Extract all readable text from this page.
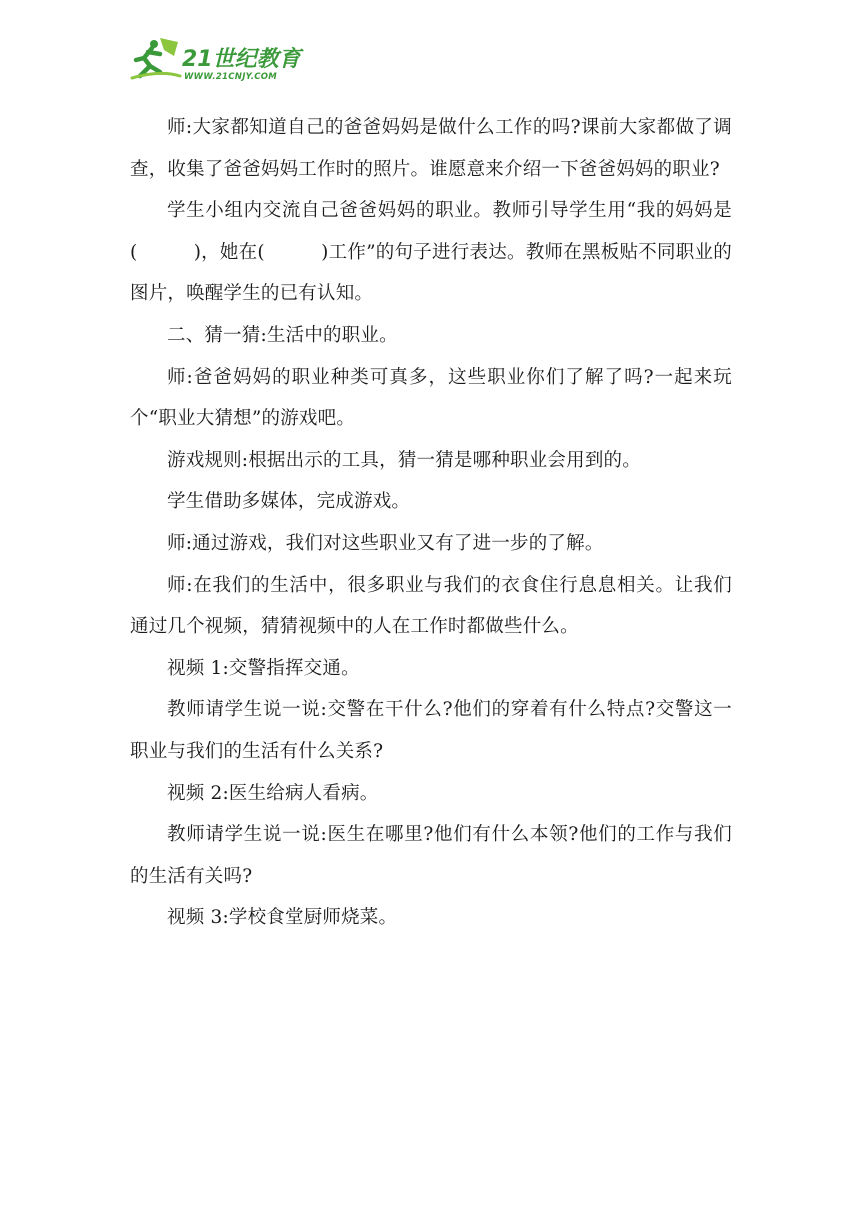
21世纪教育
WWW.21CNJY.COM

师:大家都知道自己的爸爸妈妈是做什么工作的吗?课前大家都做了调查，收集了爸爸妈妈工作时的照片。谁愿意来介绍一下爸爸妈妈的职业?

学生小组内交流自己爸爸妈妈的职业。教师引导学生用“我的妈妈是(　　　)，她在(　　　)工作”的句子进行表达。教师在黑板贴不同职业的图片，唤醒学生的已有认知。

二、猜一猜:生活中的职业。

师:爸爸妈妈的职业种类可真多，这些职业你们了解了吗?一起来玩个“职业大猜想”的游戏吧。

游戏规则:根据出示的工具，猜一猜是哪种职业会用到的。

学生借助多媒体，完成游戏。

师:通过游戏，我们对这些职业又有了进一步的了解。

师:在我们的生活中，很多职业与我们的衣食住行息息相关。让我们通过几个视频，猜猜视频中的人在工作时都做些什么。

视频 1:交警指挥交通。

教师请学生说一说:交警在干什么?他们的穿着有什么特点?交警这一职业与我们的生活有什么关系?

视频 2:医生给病人看病。

教师请学生说一说:医生在哪里?他们有什么本领?他们的工作与我们的生活有关吗?

视频 3:学校食堂厨师烧菜。
